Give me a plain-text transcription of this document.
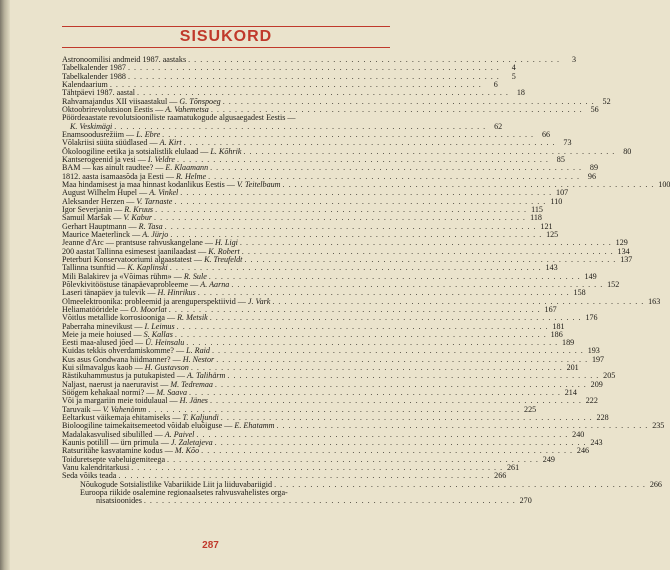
SISUKORD
Astronoomilisi andmeid 1987. aastaks . . .	3
Tabelkalender 1987 . . .	4
Tabelkalender 1988 . . .	5
Kalendaarium . . .	6
Tähtpäevi 1987. aastal . . .	18
Rahvamajandus XII viisaastakul — G. Tõnspoeg . . .	52
Oktoobrirevolutsioon Eestis — A. Vahemetsa . . .	56
Pöördeaastate revolutsioonilistе raamatukogude algusaegadest Eestis —
K. Veskimägi . . .	62
Enamsoodusrežiim — L. Ebre . . .	66
Võlakriisi süüta süüdlased — A. Kirt . . .	73
Ökoloogiline eetika ja sotsialistlik elulaad — L. Kõhrik . . .	80
Kantserogeenid ja vesi — I. Veldre . . .	85
BAM — kas ainult raudtee? — E. Klaamann . . .	89
1812. aasta isamaasõda ja Eesti — R. Helme . . .	96
Maa hindamisest ja maa hinnast kodanlikus Eestis — V. Teitelbaum . . .	100
August Wilhelm Hupel — A. Vinkel . . .	107
Aleksander Herzen — V. Tarnaste . . .	110
Igor Severjanin — R. Kruus . . .	115
Samuil Maršak — V. Kabur . . .	118
Gerhart Hauptmann — R. Tasa . . .	121
Maurice Maeterlinck — A. Jürjo . . .	125
Jeanne d'Arc — prantsuse rahvuskangelane — H. Ligi . . .	129
200 aastat Tallinna esimesest jaanilaadast — K. Robert . . .	134
Peterburi Konservatooriumi algaastatest — K. Treufeldt . . .	137
Tallinna tsunftid — K. Kaplinski . . .	143
Mili Balakirev ja «Võimas rühm» — R. Sule . . .	149
Põlevkivitööstuse tänapäevaprobleeme — A. Aarna . . .	152
Laseri tänapäev ja tulevik — H. Hinrikus . . .	158
Olmeelektroonika: probleemid ja arenguperspektiivid — J. Vark . . .	163
Heliamatööridele — O. Moorlat . . .	167
Võitlus metallide korrosiooniga — R. Metsik . . .	176
Paberraha minevikust — I. Leimus . . .	181
Meie ja meie hoiused — S. Kallas . . .	186
Eesti maa-alused jõed — Ü. Heinsalu . . .	189
Kuidas tekkis ohverdamiskomme? — L. Raid . . .	193
Kus asus Gondwana hiidmanner? — H. Nestor . . .	197
Kui silmavalgus kaob — H. Gustavson . . .	201
Rästikuhammustus ja putukapisted — A. Talihärm . . .	205
Naljast, naerust ja naeruravist — M. Tedremaa . . .	209
Söögem kehakaal normi? — M. Saava . . .	214
Või ja margariin meie toidulaual — H. Jänes . . .	222
Taruvaik — V. Vahenömm . . .	225
Eeltarkust väikemaja ehitamiseks — T. Kaljundi . . .	228
Bioloogiline taimekaitsemeetod võidab eluõiguse — E. Ehatamm . . .	235
Madalakasvulised sibulilled — A. Paivel . . .	240
Kaunis potilill — ürn primula — J. Zaletajeva . . .	243
Ratsuritähe kasvatamine kodus — M. Kõo . . .	246
Toiduretsepte vabeluigemiteega . . .	249
Vanu kalendritarkusi . . .	261
Seda võiks teada . . .	266
Nõukogude Sotsialistlike Vabariikide Liit ja liiduvabariigid . . .	266
Euroopa riikide osalemine regionaalsetes rahvusvahelistes orga-
nisatsioonides . . .	270
287
